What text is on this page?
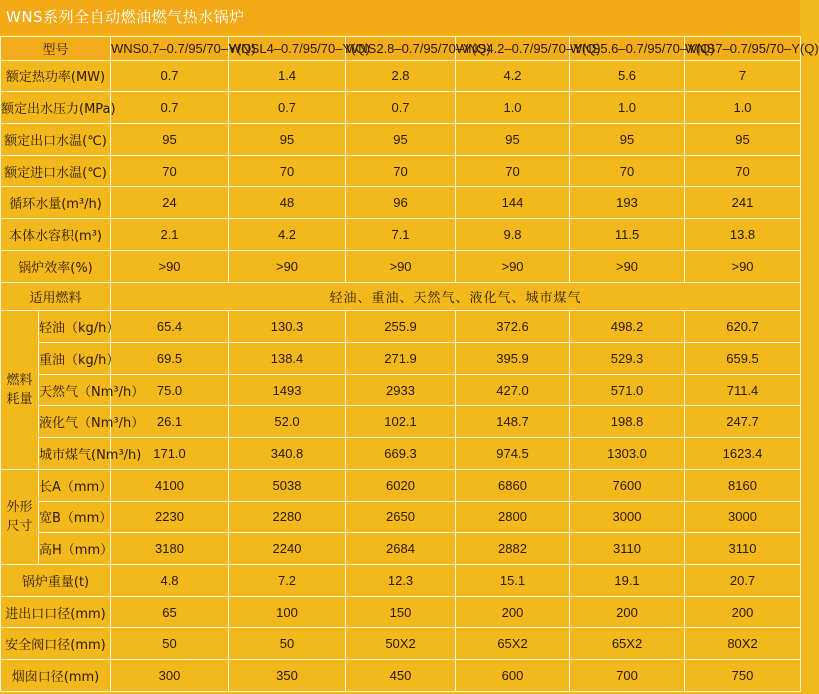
WNS系列全自动燃油燃气热水锅炉
型号		WNS0.7–0.7/95/70–Y(Q)	WNSL4–0.7/95/70–Y(Q)	WNS2.8–0.7/95/70–Y(Q)	WNS4.2–0.7/95/70–Y(Q)	WNS5.6–0.7/95/70–Y(Q)	WNS7–0.7/95/70–Y(Q)
额定热功率(MW)		0.7	1.4	2.8	4.2	5.6	7
额定出水压力(MPa)		0.7	0.7	0.7	1.0	1.0	1.0
额定出口水温(℃)		95	95	95	95	95	95
额定进口水温(℃)		70	70	70	70	70	70
循环水量(m³/h)		24	48	96	144	193	241
本体水容积(m³)		2.1	4.2	7.1	9.8	11.5	13.8
锅炉效率(%)		>90	>90	>90	>90	>90	>90
适用燃料		轻油、重油、天然气、液化气、城市煤气					
燃料耗量	轻油（kg/h）	65.4	130.3	255.9	372.6	498.2	620.7
	重油（kg/h）	69.5	138.4	271.9	395.9	529.3	659.5
	天然气（Nm³/h）	75.0	1493	2933	427.0	571.0	711.4
	液化气（Nm³/h）	26.1	52.0	102.1	148.7	198.8	247.7
	城市煤气(Nm³/h)	171.0	340.8	669.3	974.5	1303.0	1623.4
外形尺寸	长A（mm）	4100	5038	6020	6860	7600	8160
	宽B（mm）	2230	2280	2650	2800	3000	3000
	高H（mm）	3180	2240	2684	2882	3110	3110
锅炉重量(t)		4.8	7.2	12.3	15.1	19.1	20.7
进出口口径(mm)		65	100	150	200	200	200
安全阀口径(mm)		50	50	50X2	65X2	65X2	80X2
烟囱口径(mm)		300	350	450	600	700	750
